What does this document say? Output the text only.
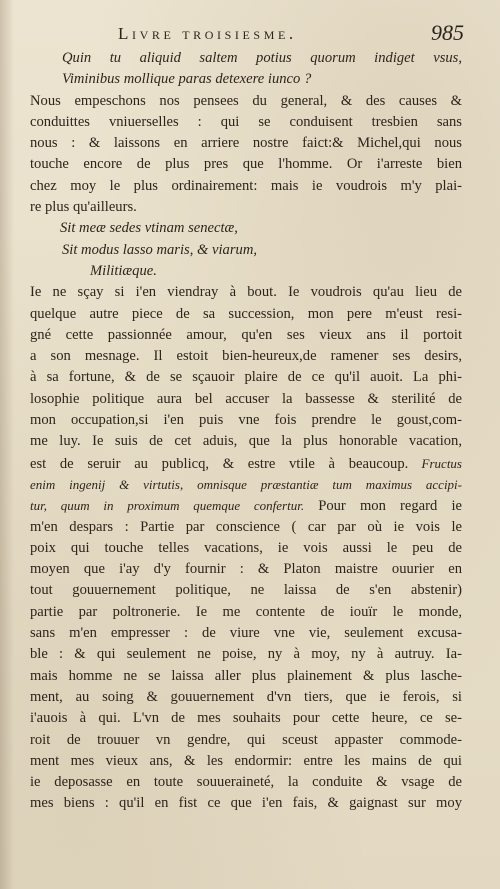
Livre troisiesme.	985
Quin tu aliquid saltem potius quorum indiget vsus,
Viminibus mollique paras detexere iunco ?
Nous empeschons nos pensees du general, & des causes &
conduittes vniuerselles : qui se conduisent tresbien sans
nous : & laissons en arriere nostre faict:& Michel,qui nous
touche encore de plus pres que l'homme. Or i'arreste bien
chez moy le plus ordinairement: mais ie voudrois m'y plai-
re plus qu'ailleurs.
Sit meæ sedes vtinam senectæ,
Sit modus lasso maris, & viarum,
Militiæque.
Ie ne sçay si i'en viendray à bout. Ie voudrois qu'au lieu de
quelque autre piece de sa succession, mon pere m'eust resi-
gné cette passionnée amour, qu'en ses vieux ans il portoit
a son mesnage. Il estoit bien-heureux,de ramener ses desirs,
à sa fortune, & de se sçauoir plaire de ce qu'il auoit. La phi-
losophie politique aura bel accuser la bassesse & sterilité de
mon occupation,si i'en puis vne fois prendre le goust,com-
me luy. Ie suis de cet aduis, que la plus honorable vacation,
est de seruir au publicq, & estre vtile à beaucoup. Fructus
enim ingenij & virtutis, omnisque præstantiæ tum maximus accipi-
tur, quum in proximum quemque confertur. Pour mon regard ie
m'en despars : Partie par conscience ( car par où ie vois le
poix qui touche telles vacations, ie vois aussi le peu de
moyen que i'ay d'y fournir : & Platon maistre ouurier en
tout gouuernement politique, ne laissa de s'en abstenir)
partie par poltronerie. Ie me contente de iouïr le monde,
sans m'en empresser : de viure vne vie, seulement excusa-
ble : & qui seulement ne poise, ny à moy, ny à autruy. Ia-
mais homme ne se laissa aller plus plainement & plus lasche-
ment, au soing & gouuernement d'vn tiers, que ie ferois, si
i'auois à qui. L'vn de mes souhaits pour cette heure, ce se-
roit de trouuer vn gendre, qui sceust appaster commode-
ment mes vieux ans, & les endormir: entre les mains de qui
ie deposasse en toute souueraineté, la conduite & vsage de
mes biens : qu'il en fist ce que i'en fais, & gaignast sur moy
